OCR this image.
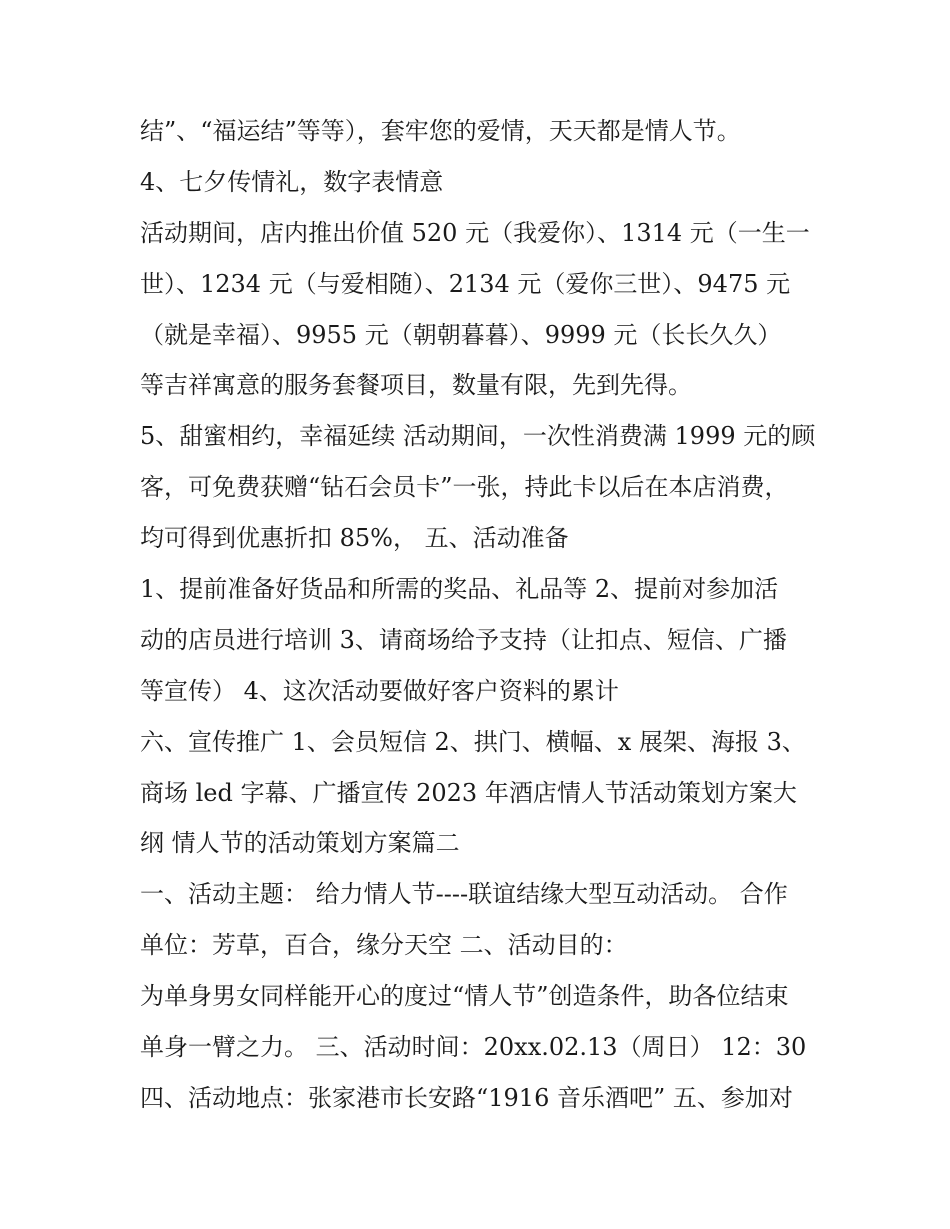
结”、“福运结”等等），套牢您的爱情，天天都是情人节。
4、七夕传情礼，数字表情意
活动期间，店内推出价值 520 元（我爱你）、1314 元（一生一
世）、1234 元（与爱相随）、2134 元（爱你三世）、9475 元
（就是幸福）、9955 元（朝朝暮暮）、9999 元（长长久久）
等吉祥寓意的服务套餐项目，数量有限，先到先得。
5、甜蜜相约，幸福延续 活动期间，一次性消费满 1999 元的顾
客，可免费获赠“钻石会员卡”一张，持此卡以后在本店消费，
均可得到优惠折扣 85%， 五、活动准备
1、提前准备好货品和所需的奖品、礼品等 2、提前对参加活
动的店员进行培训 3、请商场给予支持（让扣点、短信、广播
等宣传） 4、这次活动要做好客户资料的累计
六、宣传推广 1、会员短信 2、拱门、横幅、x 展架、海报 3、
商场 led 字幕、广播宣传 2023 年酒店情人节活动策划方案大
纲 情人节的活动策划方案篇二
一、活动主题： 给力情人节----联谊结缘大型互动活动。 合作
单位：芳草，百合，缘分天空 二、活动目的：
为单身男女同样能开心的度过“情人节”创造条件，助各位结束
单身一臂之力。 三、活动时间：20xx.02.13（周日） 12：30
四、活动地点：张家港市长安路“1916 音乐酒吧” 五、参加对
